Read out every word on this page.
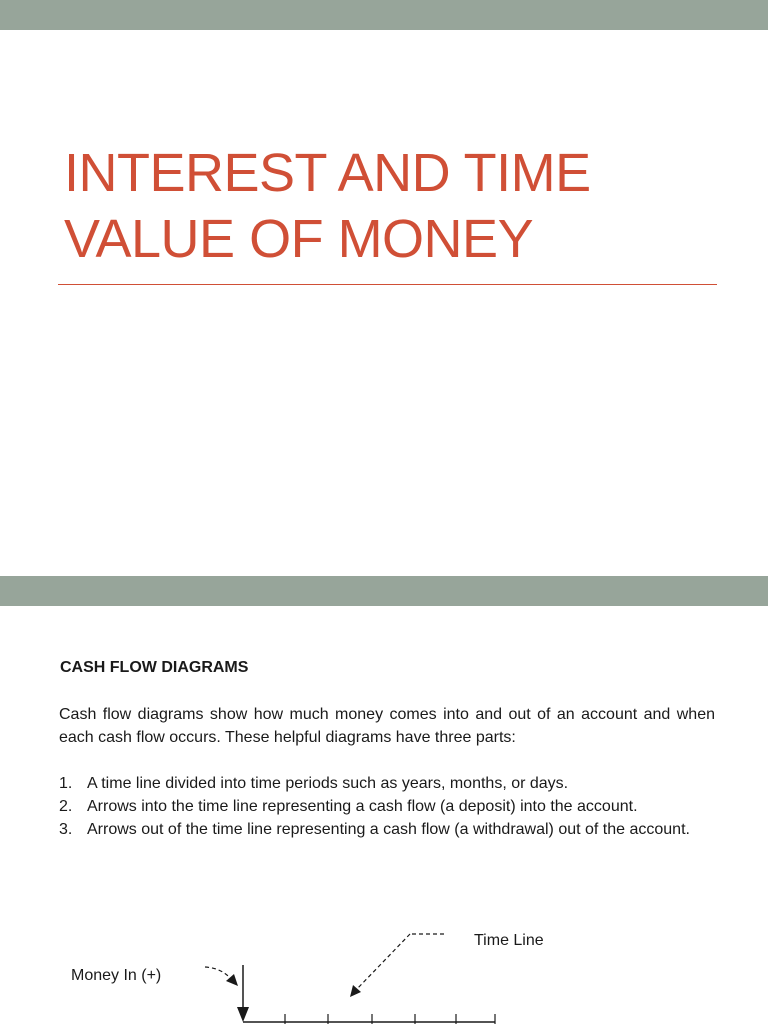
INTEREST AND TIME
VALUE OF MONEY
CASH FLOW DIAGRAMS

Cash flow diagrams show how much money comes into and out of an account and when each cash flow occurs. These helpful diagrams have three parts:

1. A time line divided into time periods such as years, months, or days.
2. Arrows into the time line representing a cash flow (a deposit) into the account.
3. Arrows out of the time line representing a cash flow (a withdrawal) out of the account.
Time Line
Money In (+)
